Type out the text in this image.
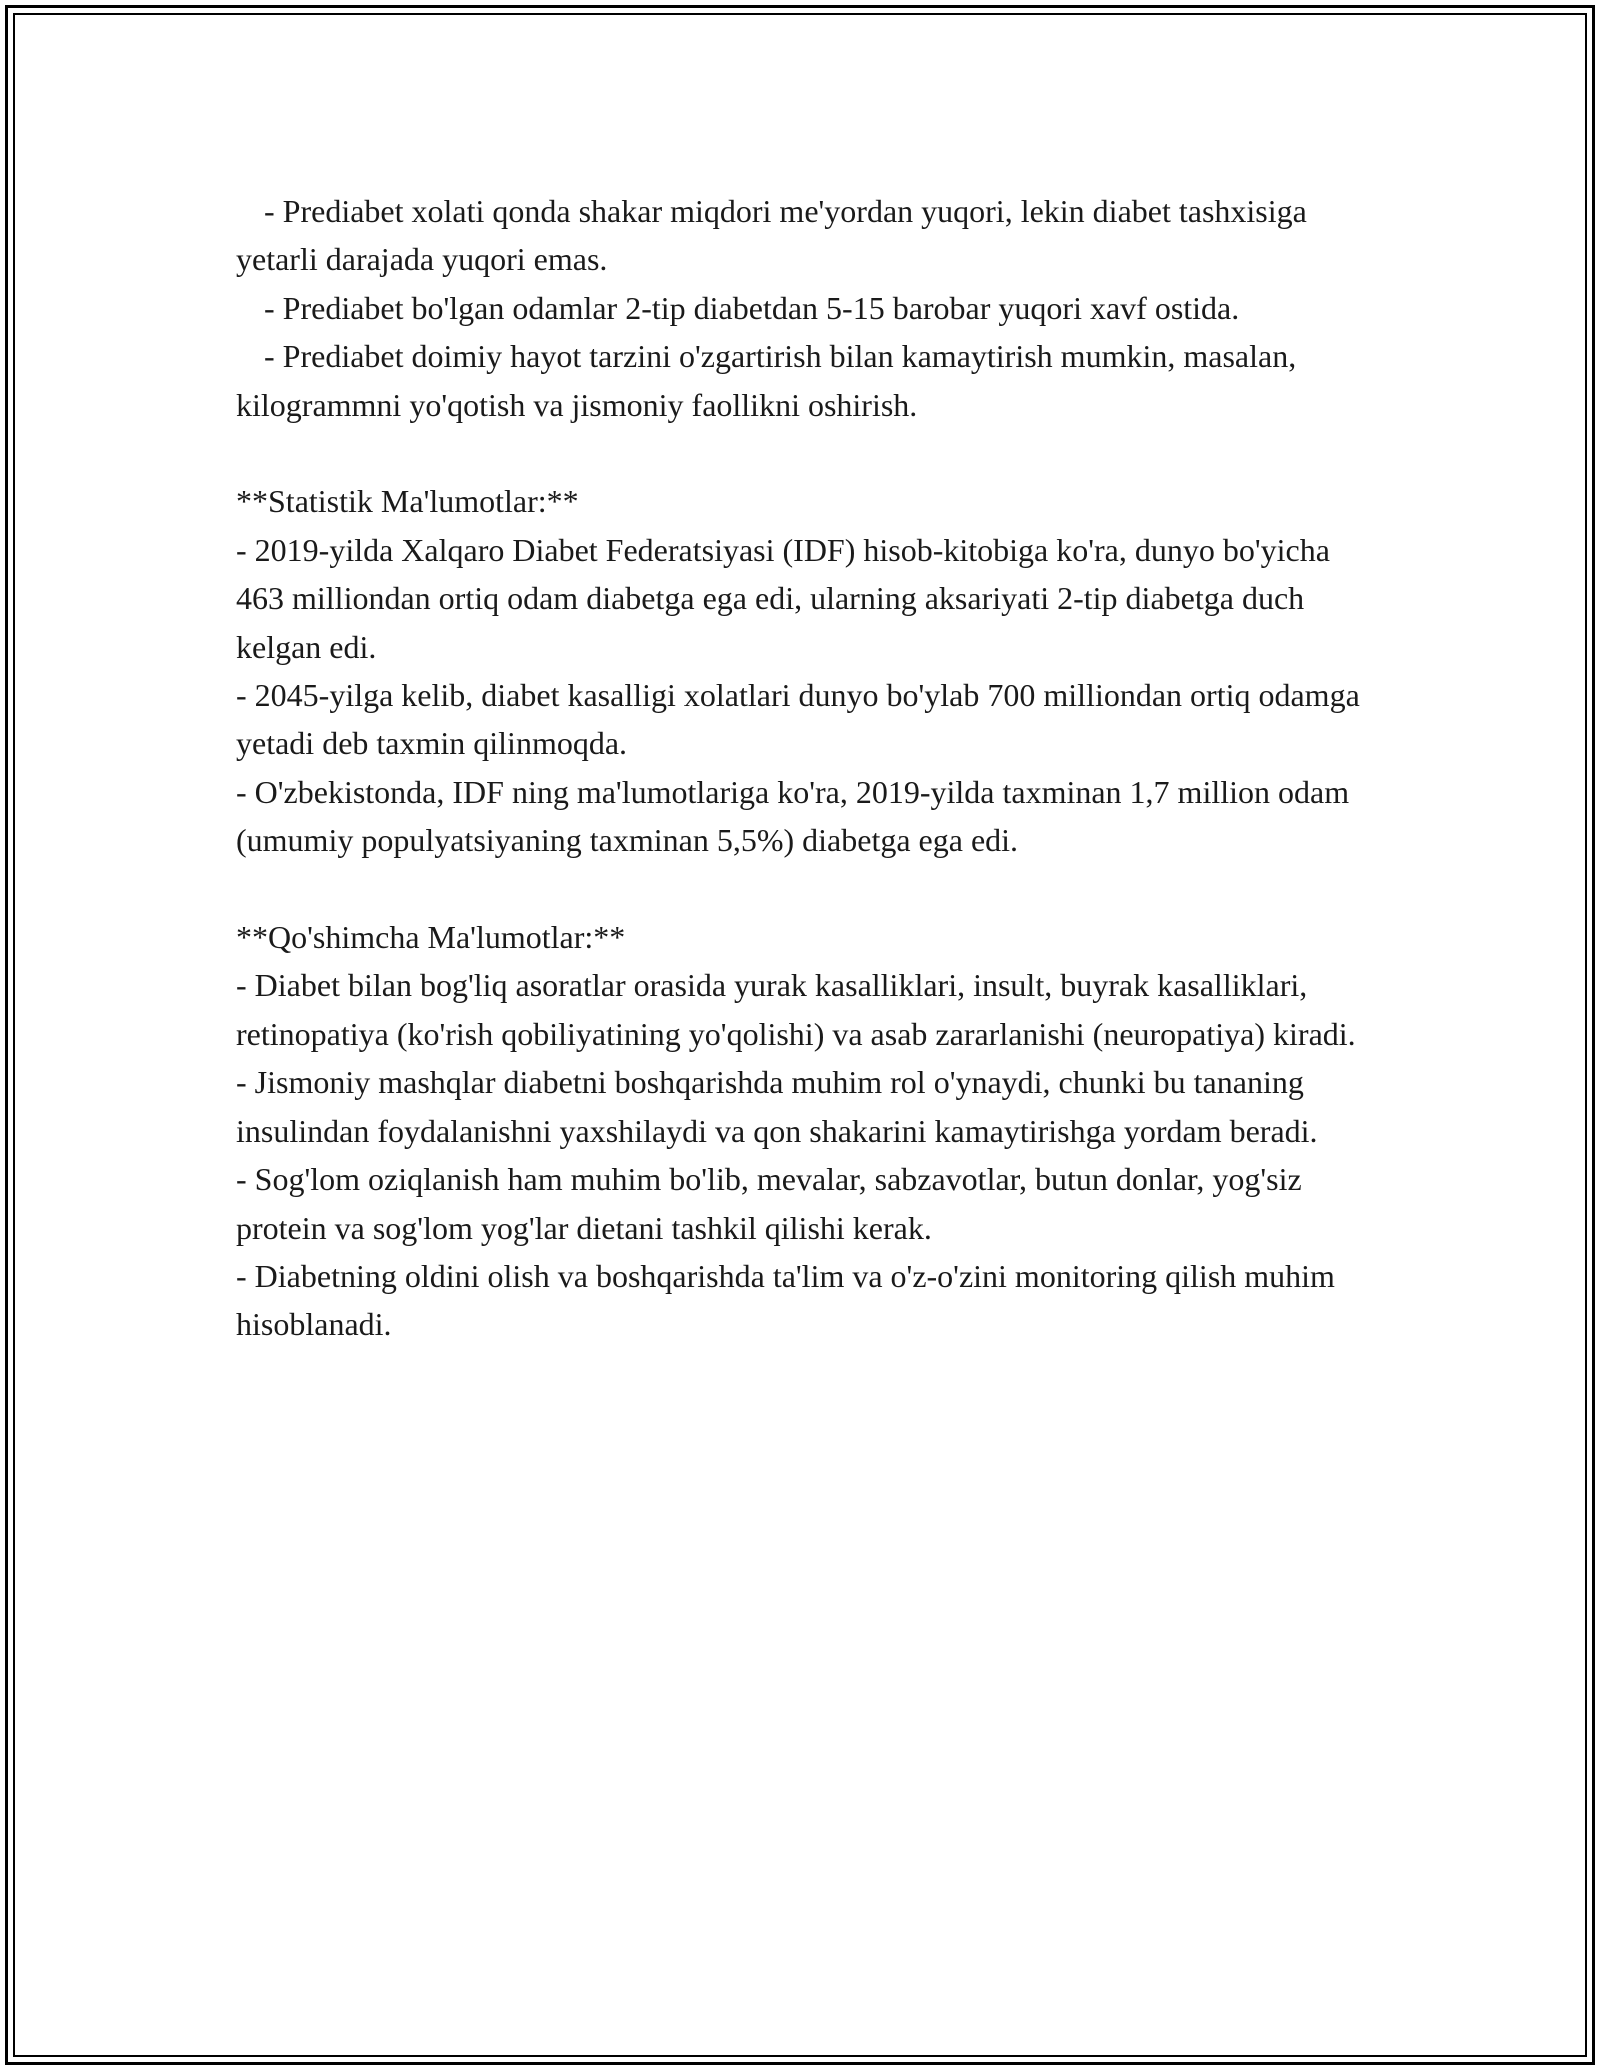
- Prediabet xolati qonda shakar miqdori me'yordan yuqori, lekin diabet tashxisiga yetarli darajada yuqori emas.

- Prediabet bo'lgan odamlar 2-tip diabetdan 5-15 barobar yuqori xavf ostida.

- Prediabet doimiy hayot tarzini o'zgartirish bilan kamaytirish mumkin, masalan, kilogrammni yo'qotish va jismoniy faollikni oshirish.

**Statistik Ma'lumotlar:**

- 2019-yilda Xalqaro Diabet Federatsiyasi (IDF) hisob-kitobiga ko'ra, dunyo bo'yicha 463 milliondan ortiq odam diabetga ega edi, ularning aksariyati 2-tip diabetga duch kelgan edi.

- 2045-yilga kelib, diabet kasalligi xolatlari dunyo bo'ylab 700 milliondan ortiq odamga yetadi deb taxmin qilinmoqda.

- O'zbekistonda, IDF ning ma'lumotlariga ko'ra, 2019-yilda taxminan 1,7 million odam (umumiy populyatsiyaning taxminan 5,5%) diabetga ega edi.

**Qo'shimcha Ma'lumotlar:**

- Diabet bilan bog'liq asoratlar orasida yurak kasalliklari, insult, buyrak kasalliklari, retinopatiya (ko'rish qobiliyatining yo'qolishi) va asab zararlanishi (neuropatiya) kiradi.

- Jismoniy mashqlar diabetni boshqarishda muhim rol o'ynaydi, chunki bu tananing insulindan foydalanishni yaxshilaydi va qon shakarini kamaytirishga yordam beradi.

- Sog'lom oziqlanish ham muhim bo'lib, mevalar, sabzavotlar, butun donlar, yog'siz protein va sog'lom yog'lar dietani tashkil qilishi kerak.

- Diabetning oldini olish va boshqarishda ta'lim va o'z-o'zini monitoring qilish muhim hisoblanadi.
